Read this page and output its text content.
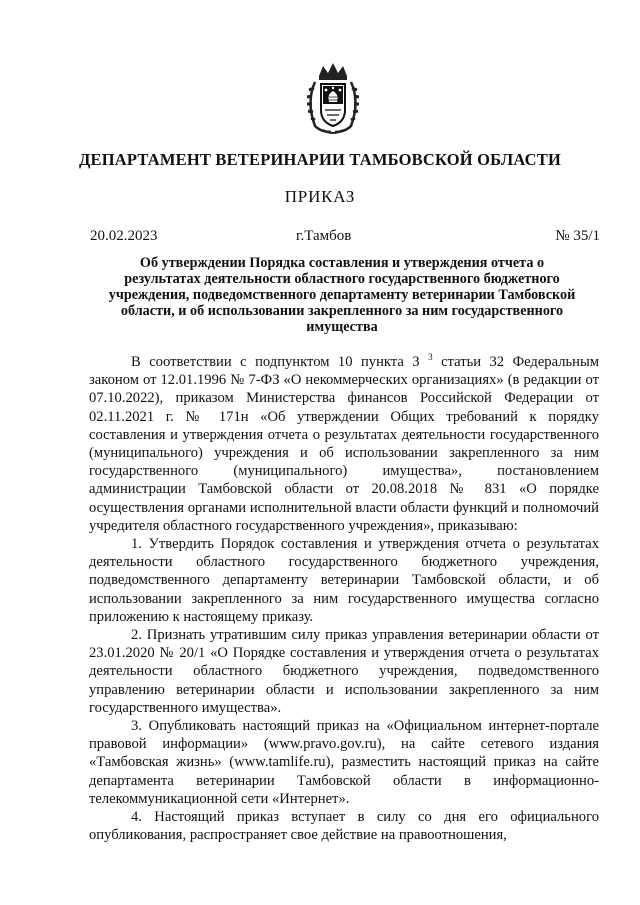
ДЕПАРТАМЕНТ ВЕТЕРИНАРИИ ТАМБОВСКОЙ ОБЛАСТИ
ПРИКАЗ
20.02.2023	г.Тамбов	№ 35/1
Об утверждении Порядка составления и утверждения отчета о
результатах деятельности областного государственного бюджетного
учреждения, подведомственного департаменту ветеринарии Тамбовской
области, и об использовании закрепленного за ним государственного
имущества

В соответствии с подпунктом 10 пункта 3 $^3$ статьи 32 Федеральным законом от 12.01.1996 № 7-ФЗ «О некоммерческих организациях» (в редакции от 07.10.2022), приказом Министерства финансов Российской Федерации от 02.11.2021 г. № 171н «Об утверждении Общих требований к порядку составления и утверждения отчета о результатах деятельности государственного (муниципального) учреждения и об использовании закрепленного за ним государственного (муниципального) имущества», постановлением администрации Тамбовской области от 20.08.2018 № 831 «О порядке осуществления органами исполнительной власти области функций и полномочий учредителя областного государственного учреждения», приказываю:

1. Утвердить Порядок составления и утверждения отчета о результатах деятельности областного государственного бюджетного учреждения, подведомственного департаменту ветеринарии Тамбовской области, и об использовании закрепленного за ним государственного имущества согласно приложению к настоящему приказу.

2. Признать утратившим силу приказ управления ветеринарии области от 23.01.2020 № 20/1 «О Порядке составления и утверждения отчета о результатах деятельности областного бюджетного учреждения, подведомственного управлению ветеринарии области и использовании закрепленного за ним государственного имущества».

3. Опубликовать настоящий приказ на «Официальном интернет-портале правовой информации» (www.pravo.gov.ru), на сайте сетевого издания «Тамбовская жизнь» (www.tamlife.ru), разместить настоящий приказ на сайте департамента ветеринарии Тамбовской области в информационно-телекоммуникационной сети «Интернет».

4. Настоящий приказ вступает в силу со дня его официального опубликования, распространяет свое действие на правоотношения,
